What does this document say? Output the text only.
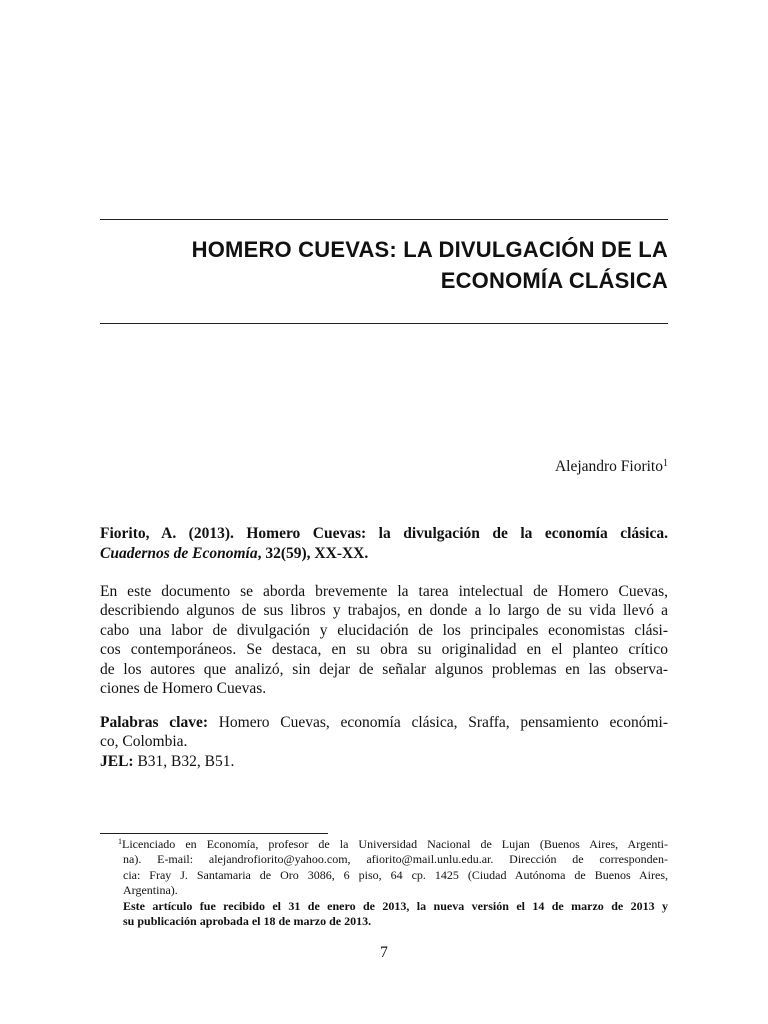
HOMERO CUEVAS: LA DIVULGACIÓN DE LA
ECONOMÍA CLÁSICA
Alejandro Fiorito$^1$
Fiorito, A. (2013). Homero Cuevas: la divulgación de la economía clásica.
Cuadernos de Economía, 32(59), XX-XX.
En este documento se aborda brevemente la tarea intelectual de Homero Cuevas,
describiendo algunos de sus libros y trabajos, en donde a lo largo de su vida llevó a
cabo una labor de divulgación y elucidación de los principales economistas clási-
cos contemporáneos. Se destaca, en su obra su originalidad en el planteo crítico
de los autores que analizó, sin dejar de señalar algunos problemas en las observa-
ciones de Homero Cuevas.
Palabras clave: Homero Cuevas, economía clásica, Sraffa, pensamiento económi-
co, Colombia.
JEL: B31, B32, B51.
$^1$Licenciado en Economía, profesor de la Universidad Nacional de Lujan (Buenos Aires, Argenti-
na). E-mail: alejandrofiorito@yahoo.com, afiorito@mail.unlu.edu.ar. Dirección de corresponden-
cia: Fray J. Santamaria de Oro 3086, 6 piso, 64 cp. 1425 (Ciudad Autónoma de Buenos Aires,
Argentina).
Este artículo fue recibido el 31 de enero de 2013, la nueva versión el 14 de marzo de 2013 y
su publicación aprobada el 18 de marzo de 2013.
7
